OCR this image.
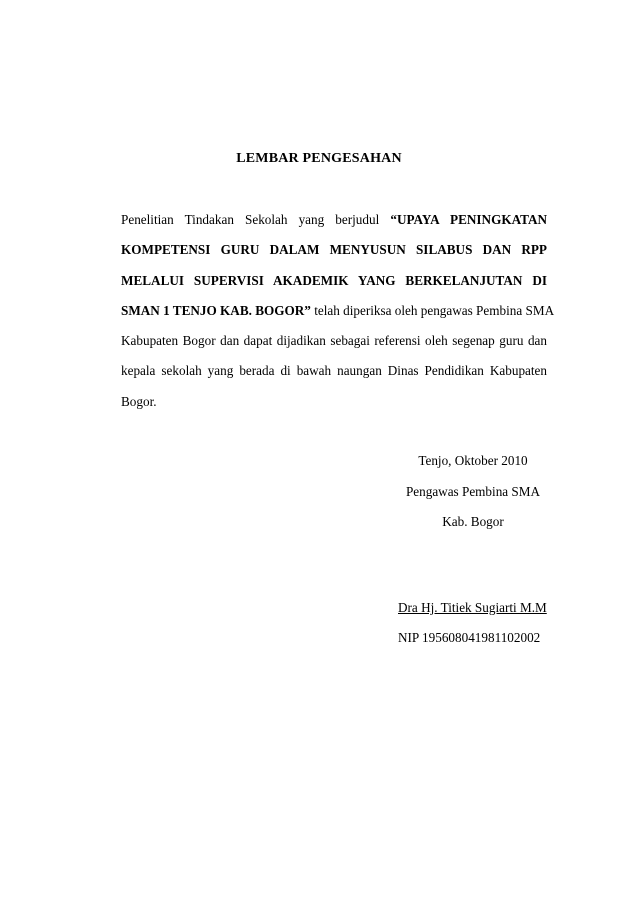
LEMBAR PENGESAHAN
Penelitian Tindakan Sekolah yang berjudul “UPAYA PENINGKATAN
KOMPETENSI GURU DALAM MENYUSUN SILABUS DAN RPP
MELALUI SUPERVISI AKADEMIK YANG BERKELANJUTAN DI
SMAN 1 TENJO KAB. BOGOR” telah diperiksa oleh pengawas Pembina SMA
Kabupaten Bogor dan dapat dijadikan sebagai referensi oleh segenap guru dan
kepala sekolah yang berada di bawah naungan Dinas Pendidikan Kabupaten
Bogor.
Tenjo, Oktober 2010
Pengawas Pembina SMA
Kab. Bogor
Dra Hj. Titiek Sugiarti M.M
NIP 195608041981102002
